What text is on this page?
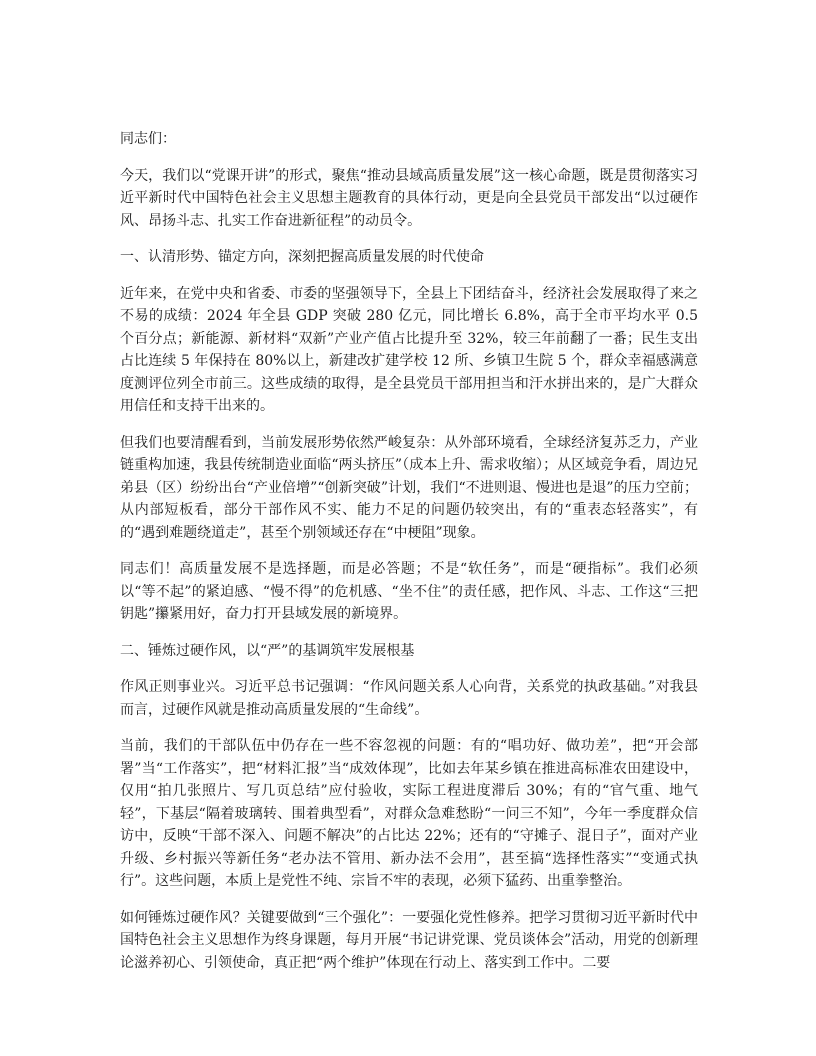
同志们：

今天，我们以“党课开讲”的形式，聚焦“推动县域高质量发展”这一核心命题，既是贯彻落实习近平新时代中国特色社会主义思想主题教育的具体行动，更是向全县党员干部发出“以过硬作风、昂扬斗志、扎实工作奋进新征程”的动员令。

一、认清形势、锚定方向，深刻把握高质量发展的时代使命

近年来，在党中央和省委、市委的坚强领导下，全县上下团结奋斗，经济社会发展取得了来之不易的成绩：2024 年全县 GDP 突破 280 亿元，同比增长 6.8%，高于全市平均水平 0.5 个百分点；新能源、新材料“双新”产业产值占比提升至 32%，较三年前翻了一番；民生支出占比连续 5 年保持在 80%以上，新建改扩建学校 12 所、乡镇卫生院 5 个，群众幸福感满意度测评位列全市前三。这些成绩的取得，是全县党员干部用担当和汗水拼出来的，是广大群众用信任和支持干出来的。

但我们也要清醒看到，当前发展形势依然严峻复杂：从外部环境看，全球经济复苏乏力，产业链重构加速，我县传统制造业面临“两头挤压”（成本上升、需求收缩）；从区域竞争看，周边兄弟县（区）纷纷出台“产业倍增”“创新突破”计划，我们“不进则退、慢进也是退”的压力空前；从内部短板看，部分干部作风不实、能力不足的问题仍较突出，有的“重表态轻落实”，有的“遇到难题绕道走”，甚至个别领域还存在“中梗阻”现象。

同志们！高质量发展不是选择题，而是必答题；不是“软任务”，而是“硬指标”。我们必须以“等不起”的紧迫感、“慢不得”的危机感、“坐不住”的责任感，把作风、斗志、工作这“三把钥匙”攥紧用好，奋力打开县域发展的新境界。

二、锤炼过硬作风，以“严”的基调筑牢发展根基

作风正则事业兴。习近平总书记强调：“作风问题关系人心向背，关系党的执政基础。”对我县而言，过硬作风就是推动高质量发展的“生命线”。

当前，我们的干部队伍中仍存在一些不容忽视的问题：有的“唱功好、做功差”，把“开会部署”当“工作落实”，把“材料汇报”当“成效体现”，比如去年某乡镇在推进高标准农田建设中，仅用“拍几张照片、写几页总结”应付验收，实际工程进度滞后 30%；有的“官气重、地气轻”，下基层“隔着玻璃转、围着典型看”，对群众急难愁盼“一问三不知”，今年一季度群众信访中，反映“干部不深入、问题不解决”的占比达 22%；还有的“守摊子、混日子”，面对产业升级、乡村振兴等新任务“老办法不管用、新办法不会用”，甚至搞“选择性落实”“变通式执行”。这些问题，本质上是党性不纯、宗旨不牢的表现，必须下猛药、出重拳整治。

如何锤炼过硬作风？关键要做到“三个强化”：一要强化党性修养。把学习贯彻习近平新时代中国特色社会主义思想作为终身课题，每月开展“书记讲党课、党员谈体会”活动，用党的创新理论滋养初心、引领使命，真正把“两个维护”体现在行动上、落实到工作中。二要
